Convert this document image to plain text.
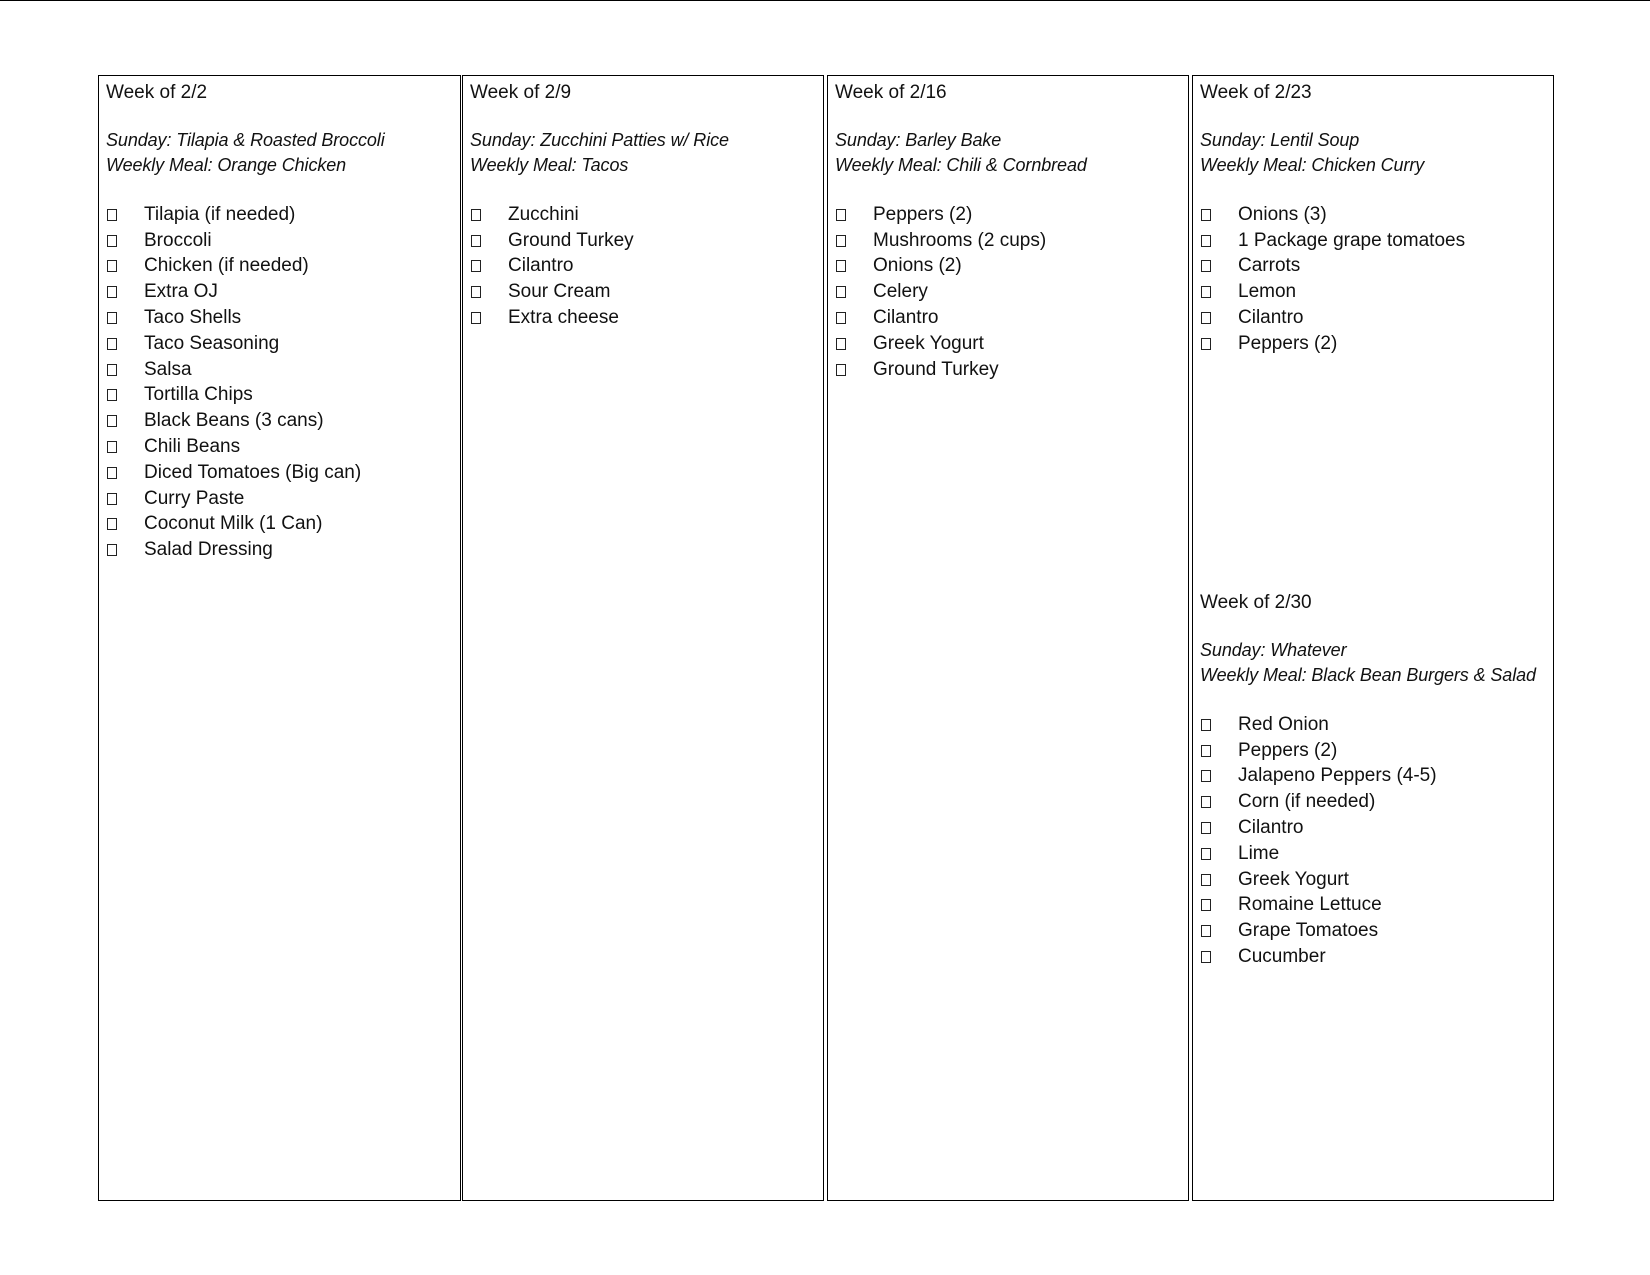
Week of 2/2
Sunday: Tilapia & Roasted Broccoli
Weekly Meal: Orange Chicken
Tilapia (if needed)
Broccoli
Chicken (if needed)
Extra OJ
Taco Shells
Taco Seasoning
Salsa
Tortilla Chips
Black Beans (3 cans)
Chili Beans
Diced Tomatoes (Big can)
Curry Paste
Coconut Milk (1 Can)
Salad Dressing
Week of 2/9
Sunday: Zucchini Patties w/ Rice
Weekly Meal: Tacos
Zucchini
Ground Turkey
Cilantro
Sour Cream
Extra cheese
Week of 2/16
Sunday: Barley Bake
Weekly Meal: Chili & Cornbread
Peppers (2)
Mushrooms (2 cups)
Onions (2)
Celery
Cilantro
Greek Yogurt
Ground Turkey
Week of 2/23
Sunday: Lentil Soup
Weekly Meal: Chicken Curry
Onions (3)
1 Package grape tomatoes
Carrots
Lemon
Cilantro
Peppers (2)
Week of 2/30
Sunday: Whatever
Weekly Meal: Black Bean Burgers & Salad
Red Onion
Peppers (2)
Jalapeno Peppers (4-5)
Corn (if needed)
Cilantro
Lime
Greek Yogurt
Romaine Lettuce
Grape Tomatoes
Cucumber
